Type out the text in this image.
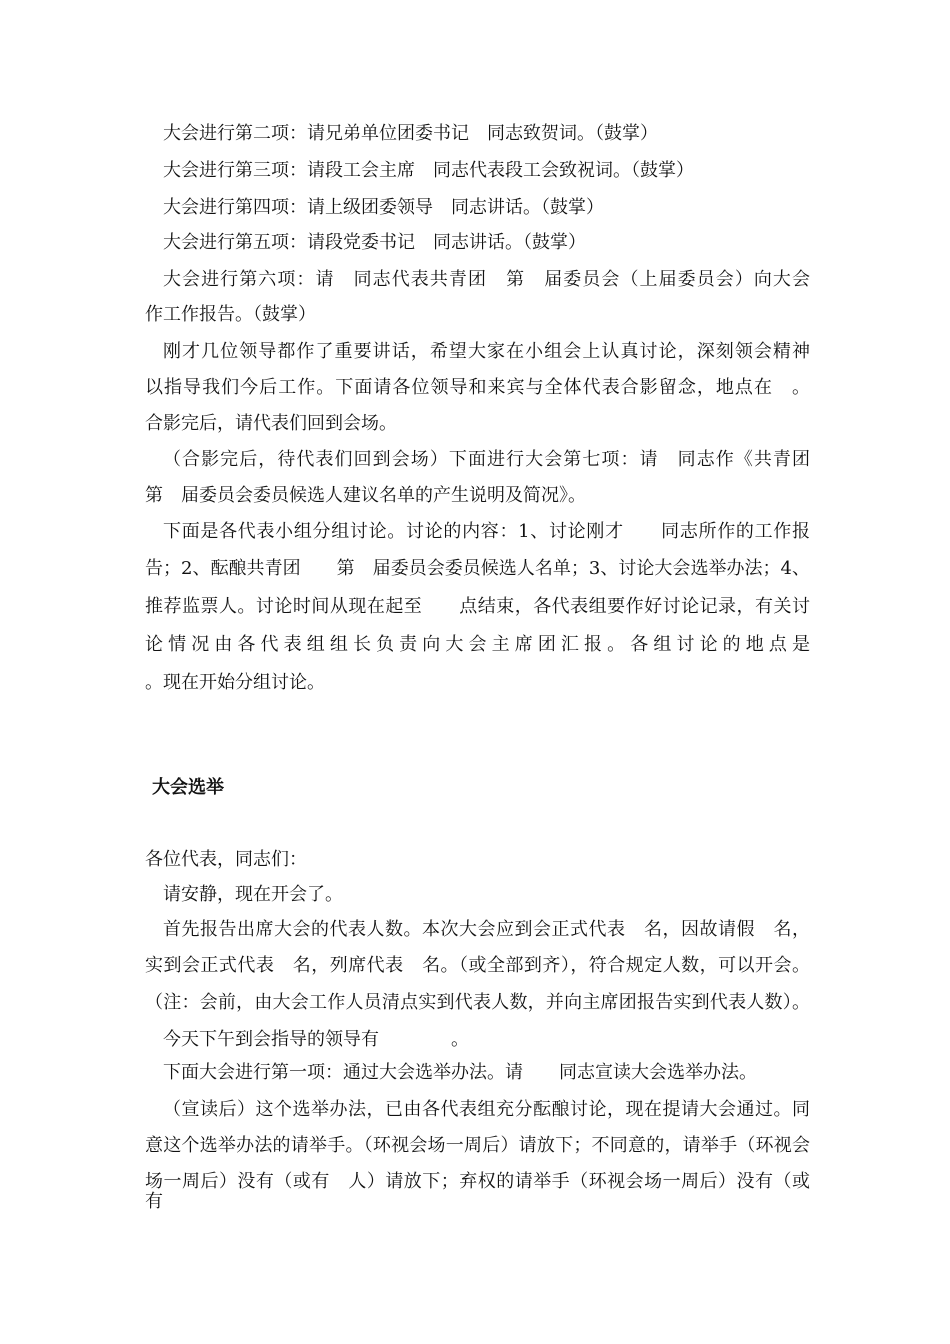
大会进行第二项：请兄弟单位团委书记　同志致贺词。（鼓掌）
大会进行第三项：请段工会主席　同志代表段工会致祝词。（鼓掌）
大会进行第四项：请上级团委领导　同志讲话。（鼓掌）
大会进行第五项：请段党委书记　同志讲话。（鼓掌）
大会进行第六项：请　同志代表共青团　第　届委员会（上届委员会）向大会
作工作报告。（鼓掌）
刚才几位领导都作了重要讲话，希望大家在小组会上认真讨论，深刻领会精神
以指导我们今后工作。下面请各位领导和来宾与全体代表合影留念，地点在　。
合影完后，请代表们回到会场。
（合影完后，待代表们回到会场）下面进行大会第七项：请　同志作《共青团
第　届委员会委员候选人建议名单的产生说明及简况》。
下面是各代表小组分组讨论。讨论的内容：1、讨论刚才　　同志所作的工作报
告；2、酝酿共青团　　第　届委员会委员候选人名单；3、讨论大会选举办法；4、
推荐监票人。讨论时间从现在起至　　点结束，各代表组要作好讨论记录，有关讨
论情况由各代表组组长负责向大会主席团汇报。各组讨论的地点是
。现在开始分组讨论。
大会选举
各位代表，同志们：
请安静，现在开会了。
首先报告出席大会的代表人数。本次大会应到会正式代表　名，因故请假　名，
实到会正式代表　名，列席代表　名。（或全部到齐），符合规定人数，可以开会。
（注：会前，由大会工作人员清点实到代表人数，并向主席团报告实到代表人数）。
今天下午到会指导的领导有　　　　。
下面大会进行第一项：通过大会选举办法。请　　同志宣读大会选举办法。
（宣读后）这个选举办法，已由各代表组充分酝酿讨论，现在提请大会通过。同
意这个选举办法的请举手。（环视会场一周后）请放下；不同意的，请举手（环视会
场一周后）没有（或有　人）请放下；弃权的请举手（环视会场一周后）没有（或有
